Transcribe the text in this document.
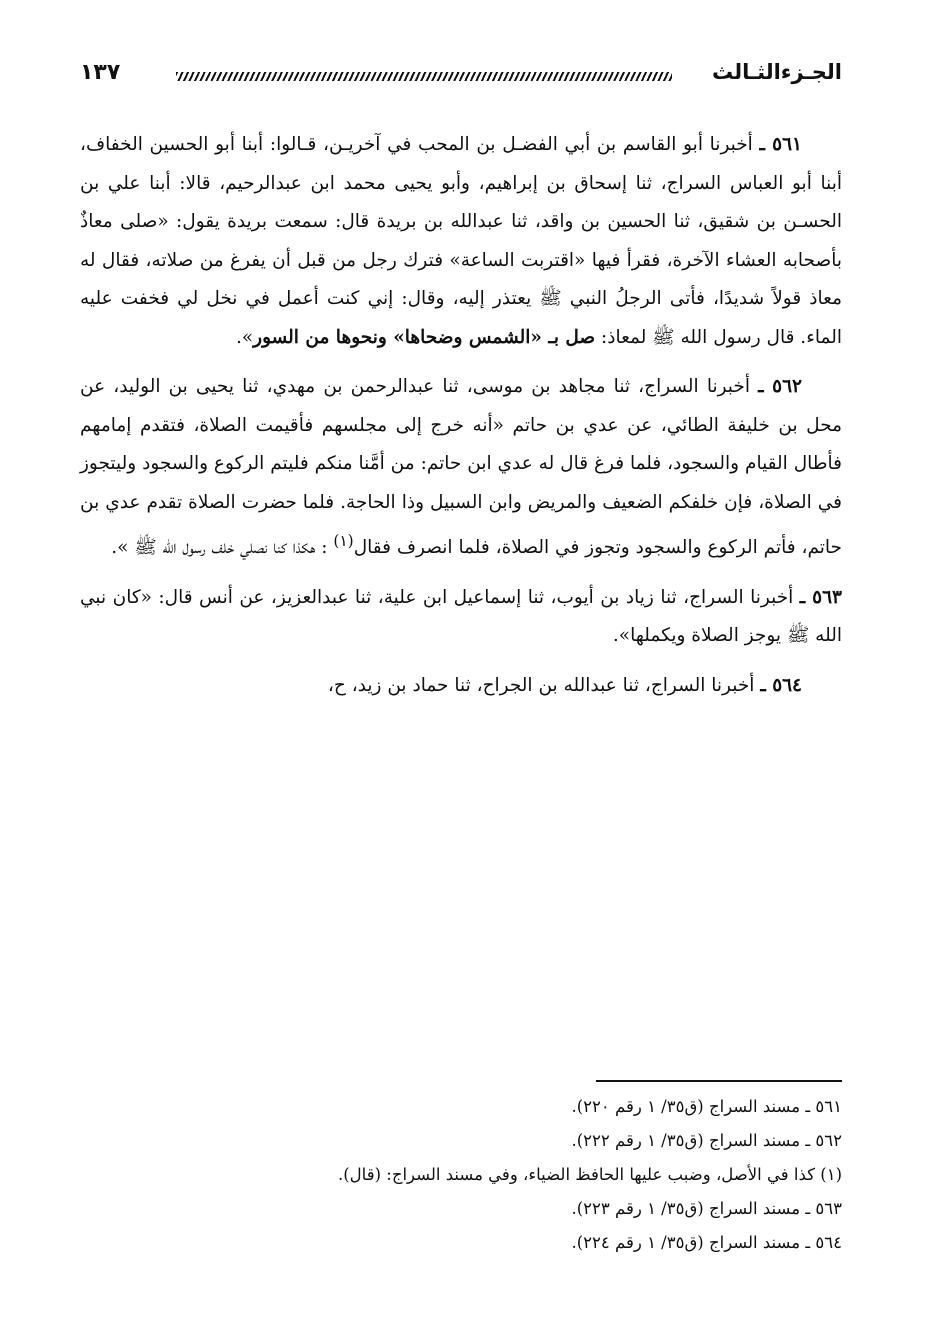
الجـزءالثـالث
١٣٧

٥٦١ ـ أخبرنا أبو القاسم بن أبي الفضـل بن المحب في آخريـن، قـالوا: أبنا أبو الحسين الخفاف، أبنا أبو العباس السراج، ثنا إسحاق بن إبراهيم، وأبو يحيى محمد ابن عبدالرحيم، قالا: أبنا علي بن الحسـن بن شقيق، ثنا الحسين بن واقد، ثنا عبدالله بن بريدة قال: سمعت بريدة يقول: «صلى معاذٌ بأصحابه العشاء الآخرة، فقرأ فيها «اقتربت الساعة» فترك رجل من قبل أن يفرغ من صلاته، فقال له معاذ قولاً شديدًا، فأتى الرجلُ النبي ﷺ يعتذر إليه، وقال: إني كنت أعمل في نخل لي فخفت عليه الماء. قال رسول الله ﷺ لمعاذ: صل بـ «الشمس وضحاها» ونحوها من السور».

٥٦٢ ـ أخبرنا السراج، ثنا مجاهد بن موسى، ثنا عبدالرحمن بن مهدي، ثنا يحيى بن الوليد، عن محل بن خليفة الطائي، عن عدي بن حاتم «أنه خرج إلى مجلسهم فأقيمت الصلاة، فتقدم إمامهم فأطال القيام والسجود، فلما فرغ قال له عدي ابن حاتم: من أمَّنا منكم فليتم الركوع والسجود وليتجوز في الصلاة، فإن خلفكم الضعيف والمريض وابن السبيل وذا الحاجة. فلما حضرت الصلاة تقدم عدي بن حاتم، فأتم الركوع والسجود وتجوز في الصلاة، فلما انصرف فقال$^{(١)}$ : هكذا كنا نصلي خلف رسول الله ﷺ ».

٥٦٣ ـ أخبرنا السراج، ثنا زياد بن أيوب، ثنا إسماعيل ابن علية، ثنا عبدالعزيز، عن أنس قال: «كان نبي الله ﷺ يوجز الصلاة ويكملها».

٥٦٤ ـ أخبرنا السراج، ثنا عبدالله بن الجراح، ثنا حماد بن زيد، ح،

٥٦١ ـ مسند السراج (ق٣٥/ ١ رقم ٢٢٠).
٥٦٢ ـ مسند السراج (ق٣٥/ ١ رقم ٢٢٢).
(١) كذا في الأصل، وضبب عليها الحافظ الضياء، وفي مسند السراج: (قال).
٥٦٣ ـ مسند السراج (ق٣٥/ ١ رقم ٢٢٣).
٥٦٤ ـ مسند السراج (ق٣٥/ ١ رقم ٢٢٤).
